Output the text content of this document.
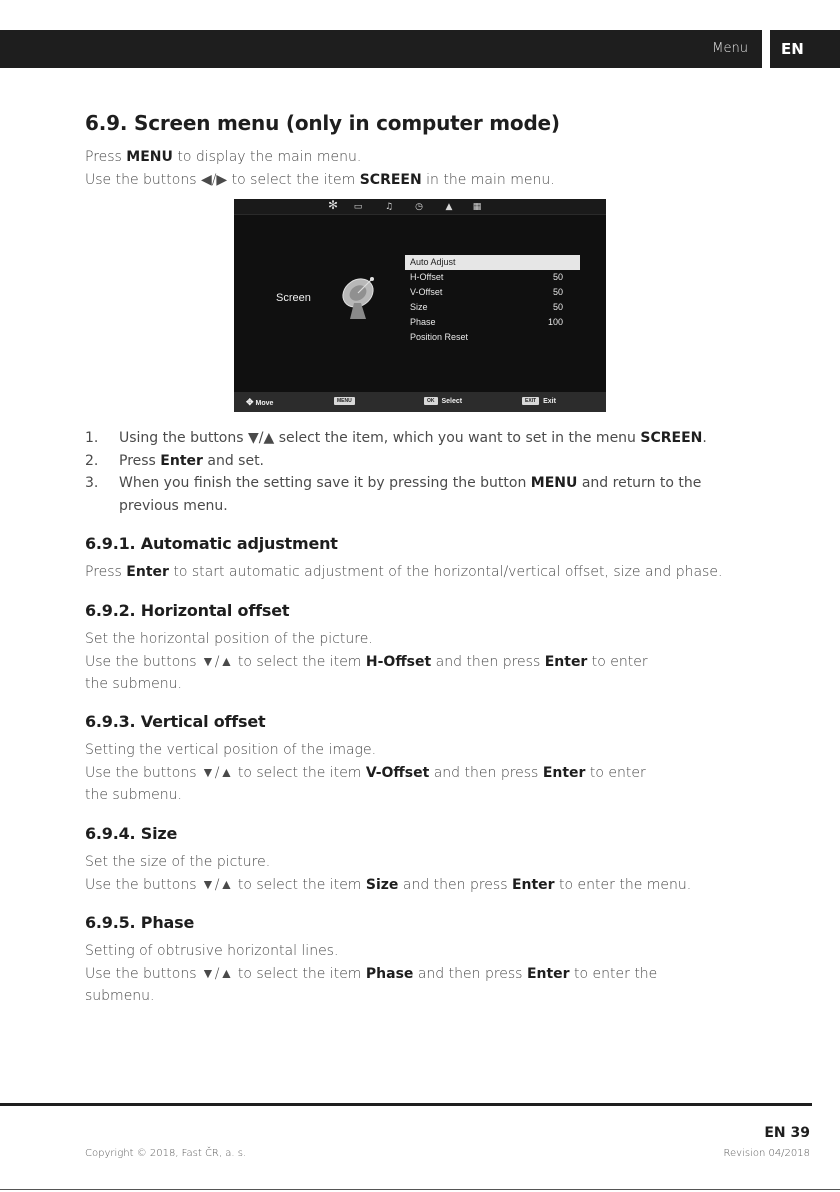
Menu	EN
6.9. Screen menu (only in computer mode)
Press MENU to display the main menu.
Use the buttons ◀/▶ to select the item SCREEN in the main menu.
✻	▭	♫	◷	▲	▦
Screen
Auto Adjust
H-Offset	50
V-Offset	50
Size	50
Phase	100
Position Reset
✥ Move	MENU	OK Select	EXIT Exit
1. Using the buttons ▼/▲ select the item, which you want to set in the menu SCREEN.
2. Press Enter and set.
3. When you finish the setting save it by pressing the button MENU and return to the previous menu.
6.9.1. Automatic adjustment
Press Enter to start automatic adjustment of the horizontal/vertical offset, size and phase.
6.9.2. Horizontal offset
Set the horizontal position of the picture.
Use the buttons ▼/▲ to select the item H-Offset and then press Enter to enter
the submenu.
6.9.3. Vertical offset
Setting the vertical position of the image.
Use the buttons ▼/▲ to select the item V-Offset and then press Enter to enter
the submenu.
6.9.4. Size
Set the size of the picture.
Use the buttons ▼/▲ to select the item Size and then press Enter to enter the menu.
6.9.5. Phase
Setting of obtrusive horizontal lines.
Use the buttons ▼/▲ to select the item Phase and then press Enter to enter the
submenu.
EN 39
Copyright © 2018, Fast ČR, a. s.	Revision 04/2018
